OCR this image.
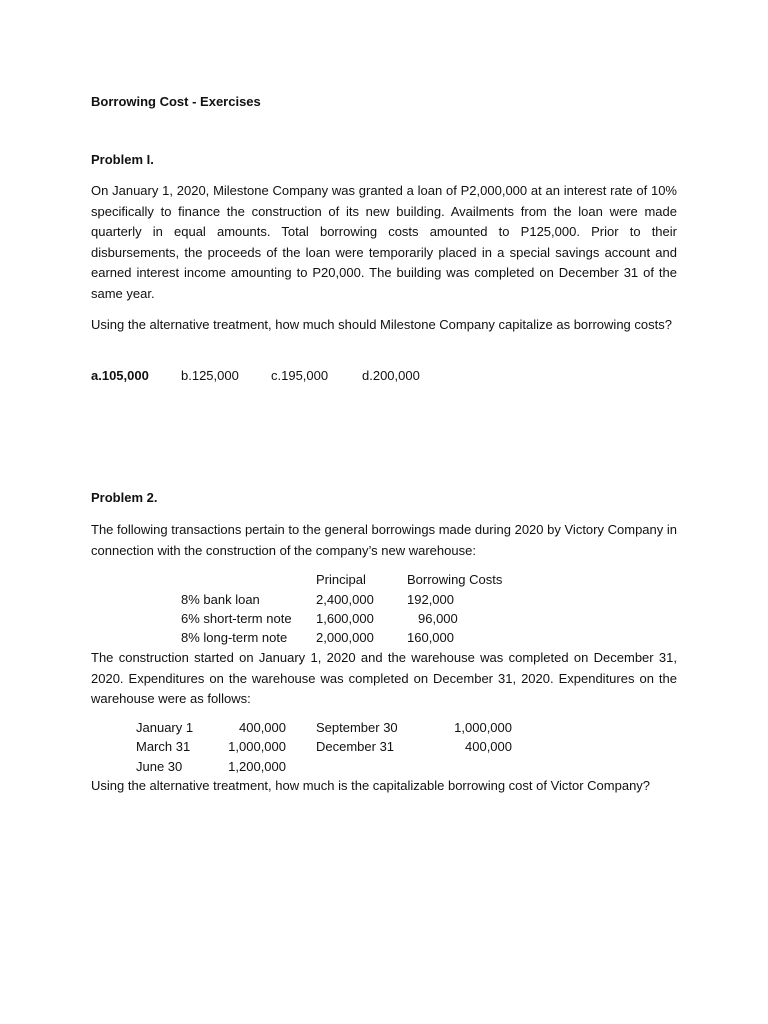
Borrowing Cost - Exercises
Problem I.
On January 1, 2020, Milestone Company was granted a loan of P2,000,000 at an interest rate of 10% specifically to finance the construction of its new building. Availments from the loan were made quarterly in equal amounts. Total borrowing costs amounted to P125,000. Prior to their disbursements, the proceeds of the loan were temporarily placed in a special savings account and earned interest income amounting to P20,000. The building was completed on December 31 of the same year.
Using the alternative treatment, how much should Milestone Company capitalize as borrowing costs?
a.105,000 b.125,000 c.195,000	d.200,000
Problem 2.
The following transactions pertain to the general borrowings made during 2020 by Victory Company in connection with the construction of the company’s new warehouse:
Principal	Borrowing Costs
8% bank loan	2,400,000	192,000
6% short-term note 1,600,000	96,000
8% long-term note 2,000,000	160,000
The construction started on January 1, 2020 and the warehouse was completed on December 31, 2020. Expenditures on the warehouse was completed on December 31, 2020. Expenditures on the warehouse were as follows:
January 1	400,000 September 30	1,000,000
March 31	1,000,000 December 31	400,000
June 30	1,200,000
Using the alternative treatment, how much is the capitalizable borrowing cost of Victor Company?
